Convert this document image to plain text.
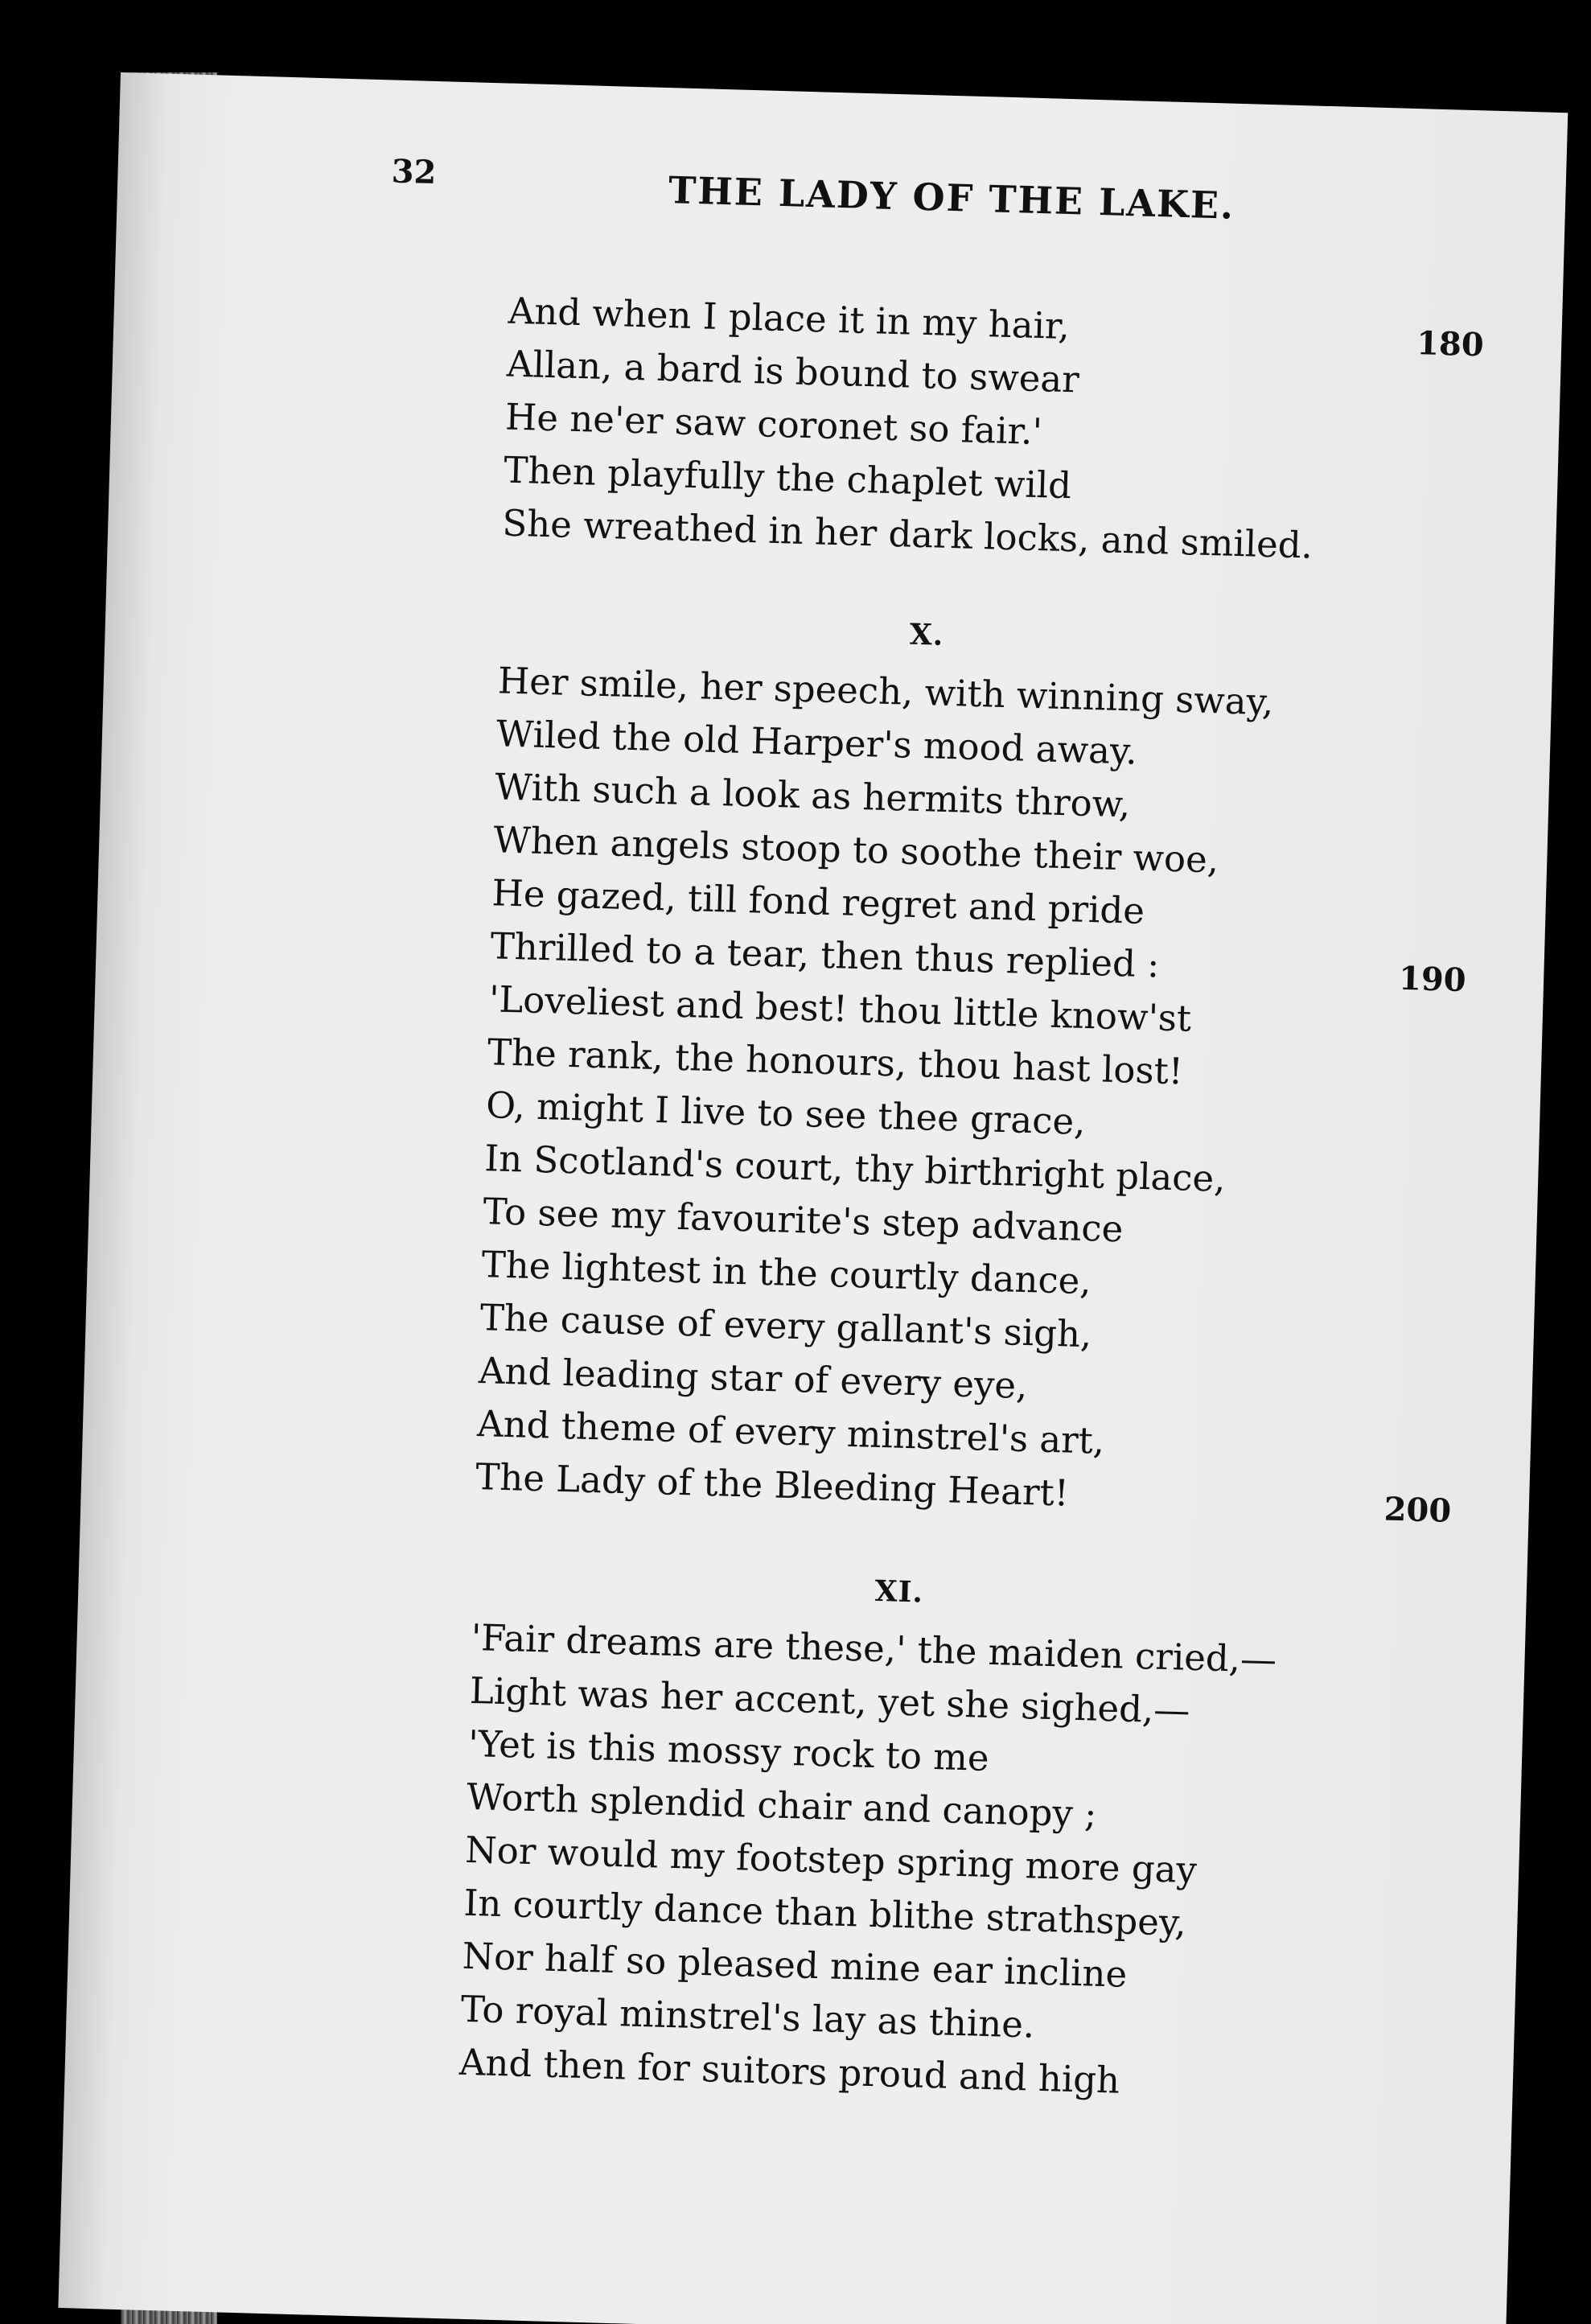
32	THE LADY OF THE LAKE.
And when I place it in my hair,
Allan, a bard is bound to swear
He ne'er saw coronet so fair.'
Then playfully the chaplet wild
She wreathed in her dark locks, and smiled.
180
X.
Her smile, her speech, with winning sway,
Wiled the old Harper's mood away.
With such a look as hermits throw,
When angels stoop to soothe their woe,
He gazed, till fond regret and pride
Thrilled to a tear, then thus replied :
'Loveliest and best! thou little know'st
The rank, the honours, thou hast lost!
O, might I live to see thee grace,
In Scotland's court, thy birthright place,
To see my favourite's step advance
The lightest in the courtly dance,
The cause of every gallant's sigh,
And leading star of every eye,
And theme of every minstrel's art,
The Lady of the Bleeding Heart!
190
200
XI.
'Fair dreams are these,' the maiden cried,—
Light was her accent, yet she sighed,—
'Yet is this mossy rock to me
Worth splendid chair and canopy ;
Nor would my footstep spring more gay
In courtly dance than blithe strathspey,
Nor half so pleased mine ear incline
To royal minstrel's lay as thine.
And then for suitors proud and high
